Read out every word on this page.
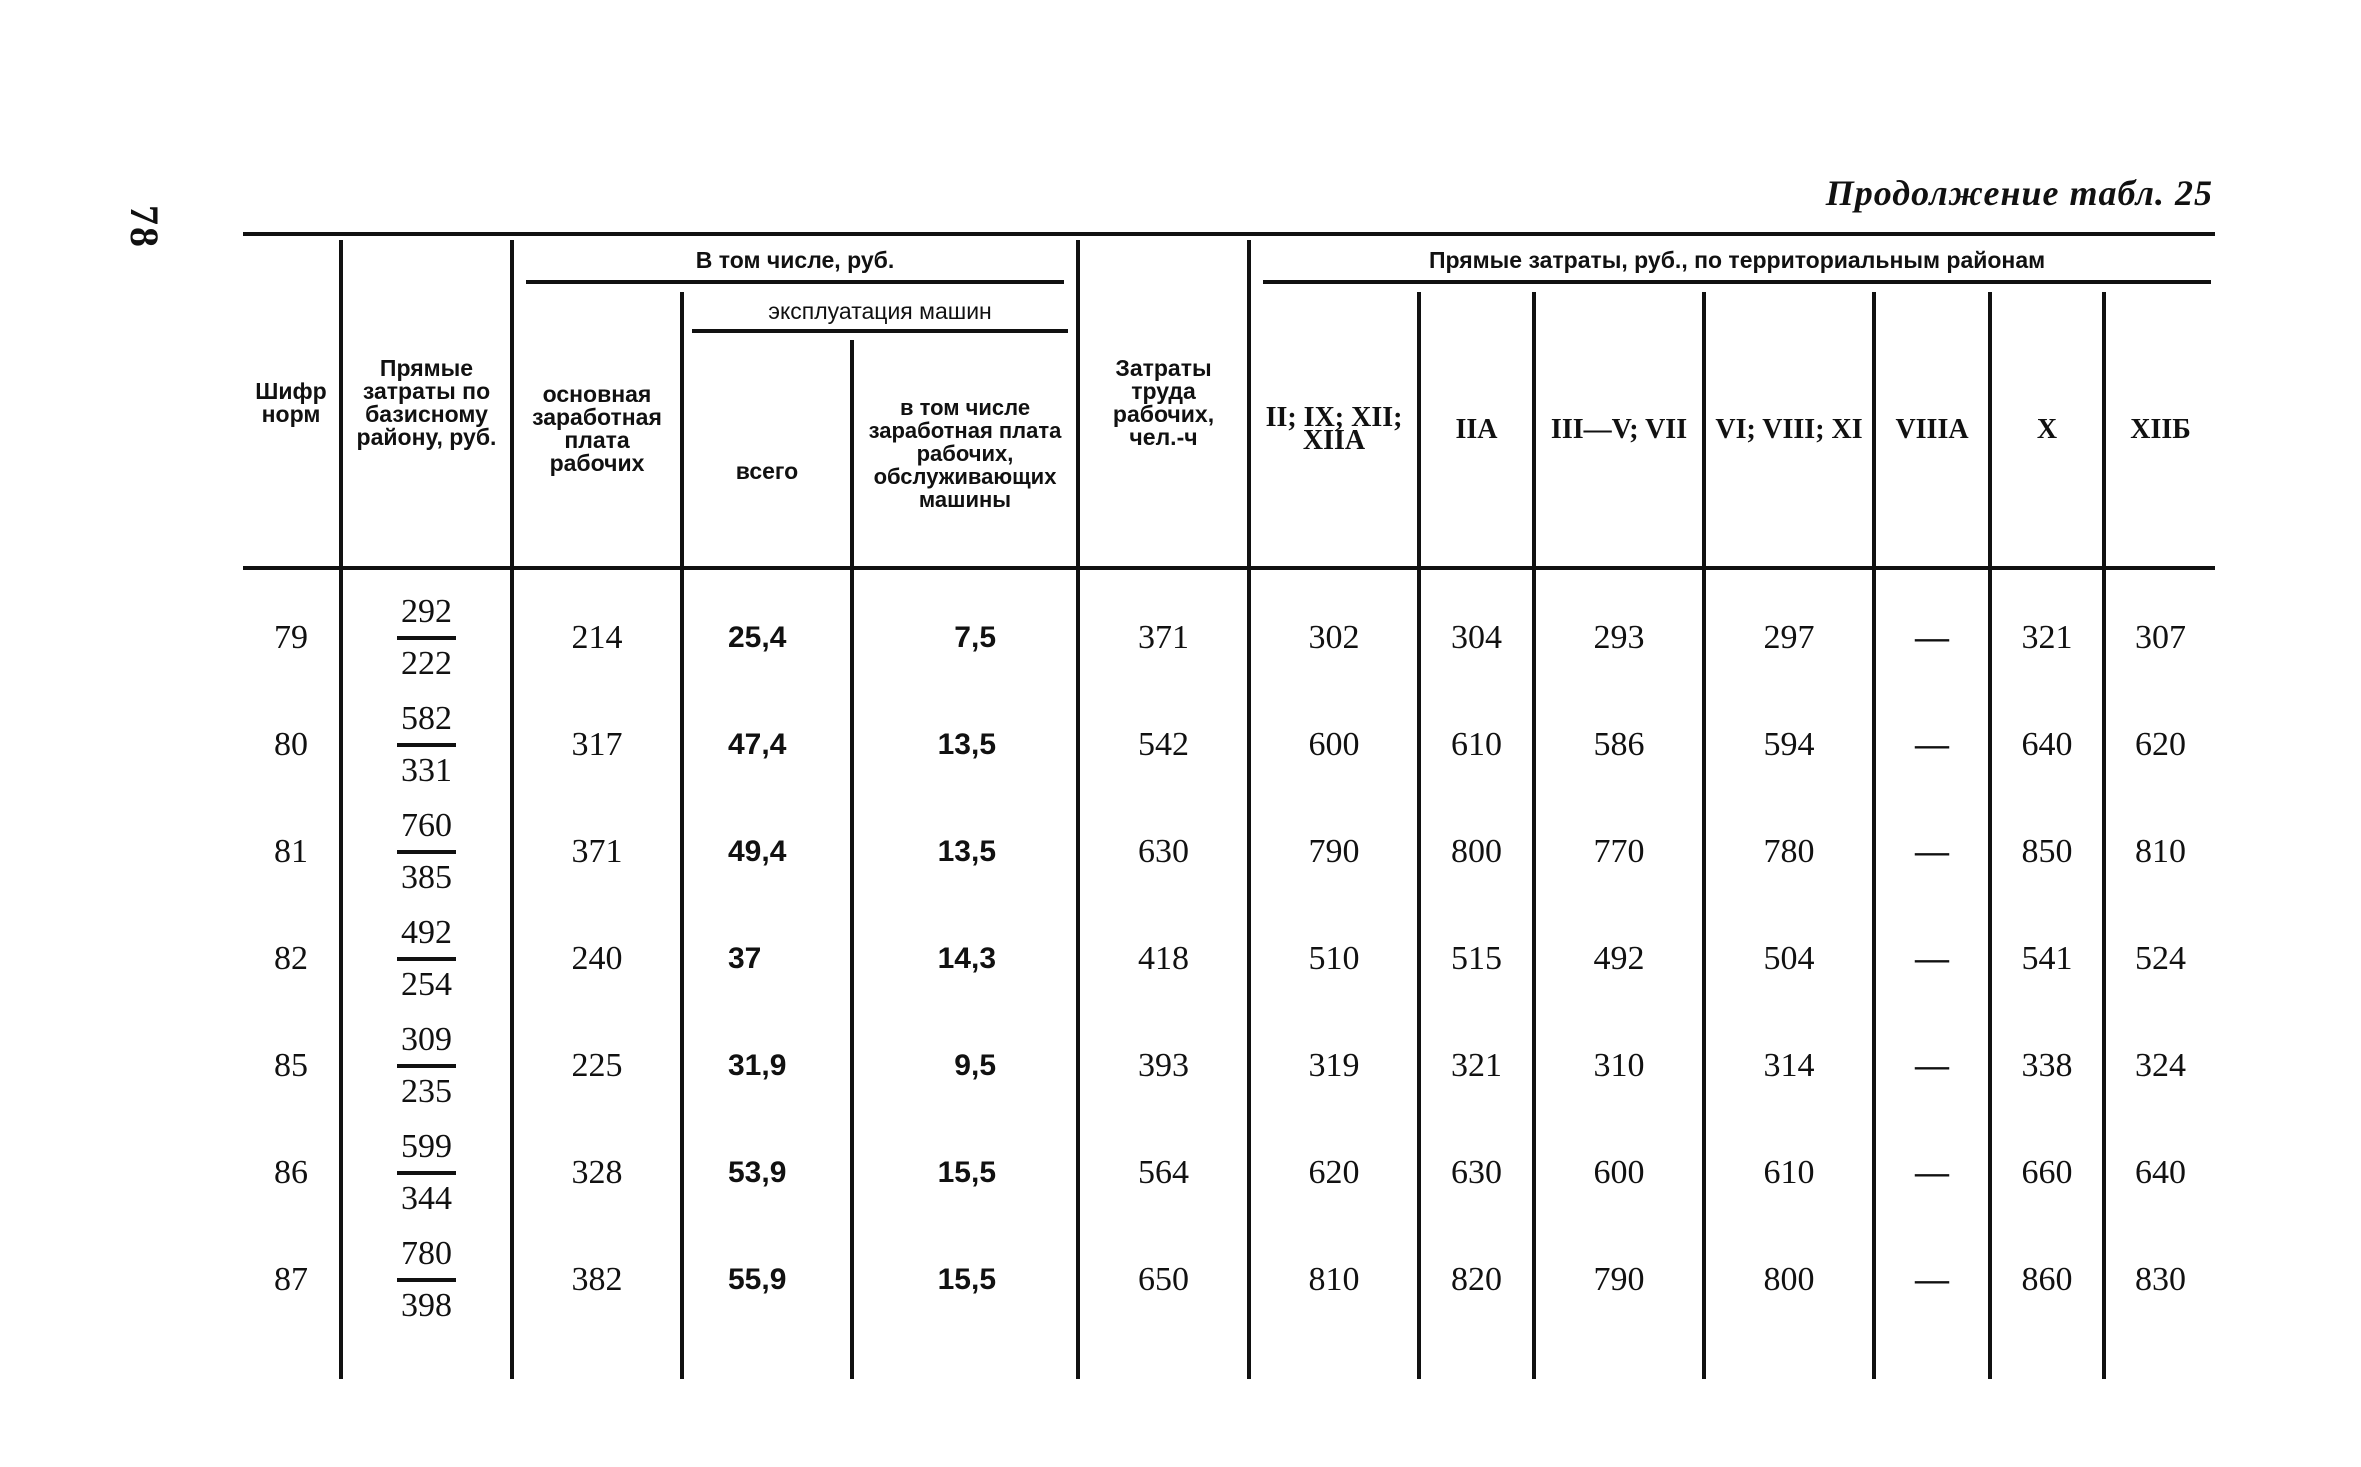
78
Продолжение табл. 25
Шифр норм	Прямые затраты по базисному району, руб.	В том числе, руб.			Затраты труда рабочих, чел.-ч	Прямые затраты, руб., по территориальным районам						

		основная заработная плата рабочих	эксплуатация машин			II; IX; XII; XIIА	IIА	III—V; VII	VI; VIII; XI	VIIIА	X	XIIБ
			всего	в том числе заработная плата рабочих, обслуживающих машины								
79	$\frac{292}{222}$	214	25,4	7,5	371	302	304	293	297	—	321	307
80	$\frac{582}{331}$	317	47,4	13,5	542	600	610	586	594	—	640	620
81	$\frac{760}{385}$	371	49,4	13,5	630	790	800	770	780	—	850	810
82	$\frac{492}{254}$	240	37	14,3	418	510	515	492	504	—	541	524
85	$\frac{309}{235}$	225	31,9	9,5	393	319	321	310	314	—	338	324
86	$\frac{599}{344}$	328	53,9	15,5	564	620	630	600	610	—	660	640
87	$\frac{780}{398}$	382	55,9	15,5	650	810	820	790	800	—	860	830
